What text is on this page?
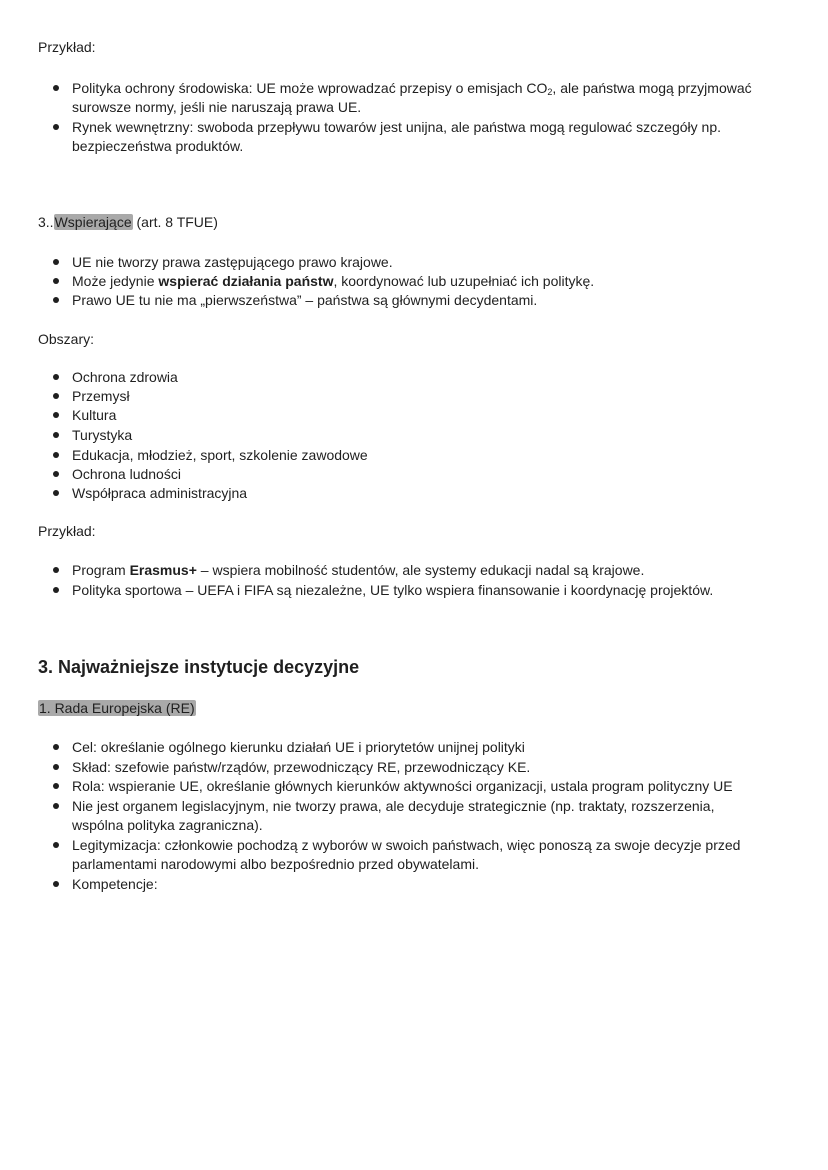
Przykład:
Polityka ochrony środowiska: UE może wprowadzać przepisy o emisjach $CO_2$, ale państwa mogą przyjmować
surowsze normy, jeśli nie naruszają prawa UE.
Rynek wewnętrzny: swoboda przepływu towarów jest unijna, ale państwa mogą regulować szczegóły np.
bezpieczeństwa produktów.
3..Wspierające (art. 8 TFUE)
UE nie tworzy prawa zastępującego prawo krajowe.
Może jedynie wspierać działania państw, koordynować lub uzupełniać ich politykę.
Prawo UE tu nie ma „pierwszeństwa” – państwa są głównymi decydentami.
Obszary:
Ochrona zdrowia
Przemysł
Kultura
Turystyka
Edukacja, młodzież, sport, szkolenie zawodowe
Ochrona ludności
Współpraca administracyjna
Przykład:
Program Erasmus+ – wspiera mobilność studentów, ale systemy edukacji nadal są krajowe.
Polityka sportowa – UEFA i FIFA są niezależne, UE tylko wspiera finansowanie i koordynację projektów.
3. Najważniejsze instytucje decyzyjne
1. Rada Europejska (RE)
Cel: określanie ogólnego kierunku działań UE i priorytetów unijnej polityki
Skład: szefowie państw/rządów, przewodniczący RE, przewodniczący KE.
Rola: wspieranie UE, określanie głównych kierunków aktywności organizacji, ustala program polityczny UE
Nie jest organem legislacyjnym, nie tworzy prawa, ale decyduje strategicznie (np. traktaty, rozszerzenia,
wspólna polityka zagraniczna).
Legitymizacja: członkowie pochodzą z wyborów w swoich państwach, więc ponoszą za swoje decyzje przed
parlamentami narodowymi albo bezpośrednio przed obywatelami.
Kompetencje:
